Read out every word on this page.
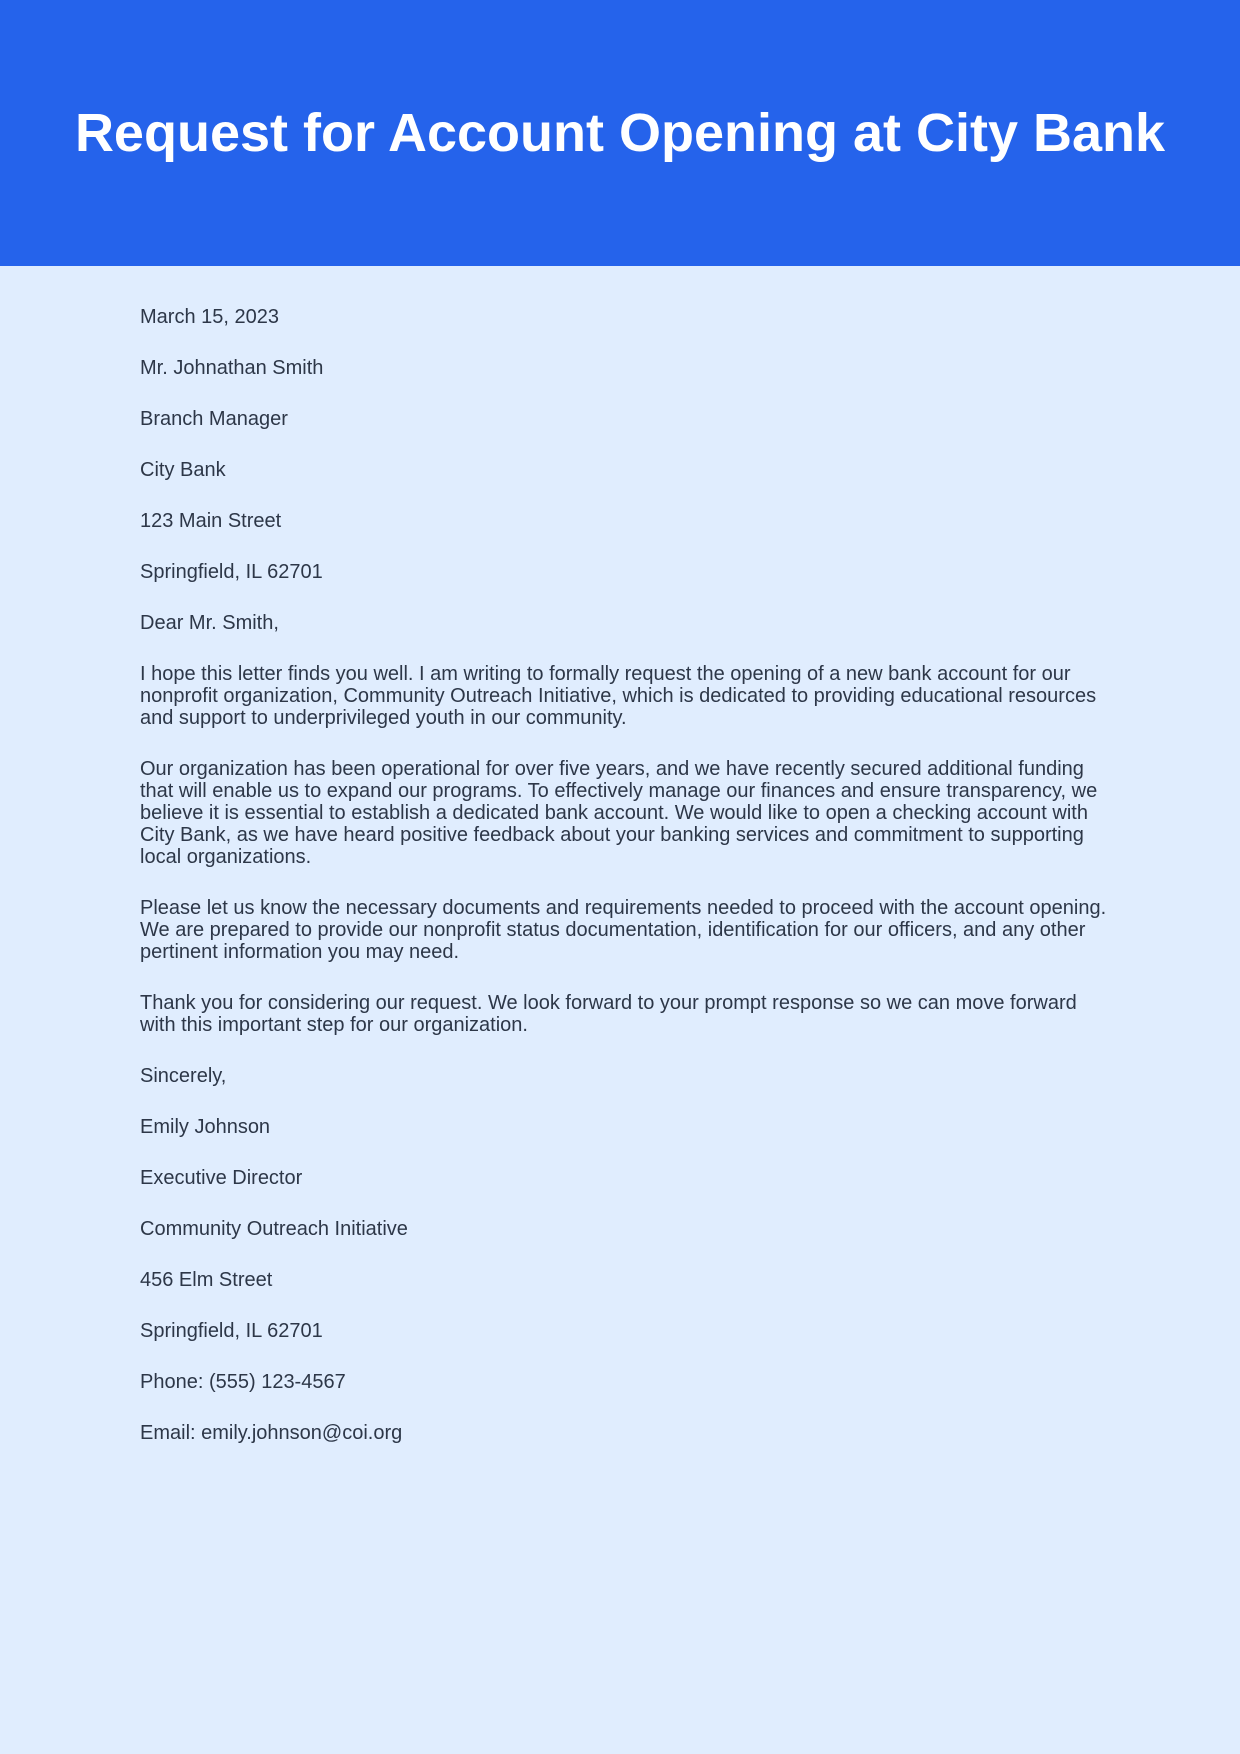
Request for Account Opening at City Bank

March 15, 2023

Mr. Johnathan Smith

Branch Manager

City Bank

123 Main Street

Springfield, IL 62701

Dear Mr. Smith,

I hope this letter finds you well. I am writing to formally request the opening of a new bank account for our nonprofit organization, Community Outreach Initiative, which is dedicated to providing educational resources and support to underprivileged youth in our community.

Our organization has been operational for over five years, and we have recently secured additional funding that will enable us to expand our programs. To effectively manage our finances and ensure transparency, we believe it is essential to establish a dedicated bank account. We would like to open a checking account with City Bank, as we have heard positive feedback about your banking services and commitment to supporting local organizations.

Please let us know the necessary documents and requirements needed to proceed with the account opening. We are prepared to provide our nonprofit status documentation, identification for our officers, and any other pertinent information you may need.

Thank you for considering our request. We look forward to your prompt response so we can move forward with this important step for our organization.

Sincerely,

Emily Johnson

Executive Director

Community Outreach Initiative

456 Elm Street

Springfield, IL 62701

Phone: (555) 123-4567

Email: emily.johnson@coi.org
